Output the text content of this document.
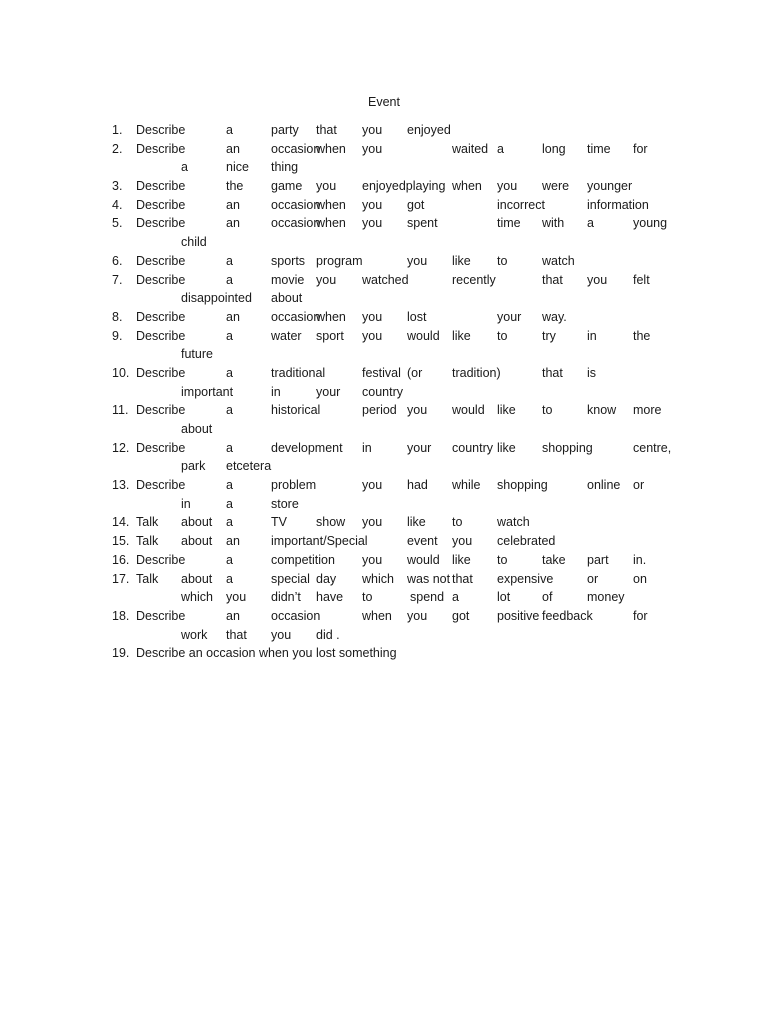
Event
1. Describe	a	party that you enjoyed
2. Describe	an occasion
when you	waited a	long time for
a	nice thing
3. Describe	the game you enjoyedplaying when you were younger
4. Describe	an occasion
when you got	incorrect	information
5. Describe	an occasion
when you spent	time with a	young
child
6. Describe	a	sports program	you like to	watch
7. Describe	a	movie you watched	recently	that you felt
disappointed about
8. Describe	an occasion
when you lost	your way.
9. Describe	a	water sport you would like to	try in	the
future
10. Describe	a	traditional	festival (or tradition)	that is
important	in	your country
11. Describe	a	historical	period you would like to	know more
about
12. Describe	a	development in	your country like shopping	centre,
park etcetera
13. Describe	a	problem	you had while shopping	online or
in	a	store
14. Talk about a	TV show you like to	watch
15. Talk about an important/Special	event you celebrated
16. Describe	a	competition you would like to	take part in.
17. Talk about a	special day which was not that expensive	or	on
which you didn’t have to	spend a	lot	of	money
18. Describe	an occasion	when you got positive feedback	for
work that you did .
19. Describe an occasion when you lost something
